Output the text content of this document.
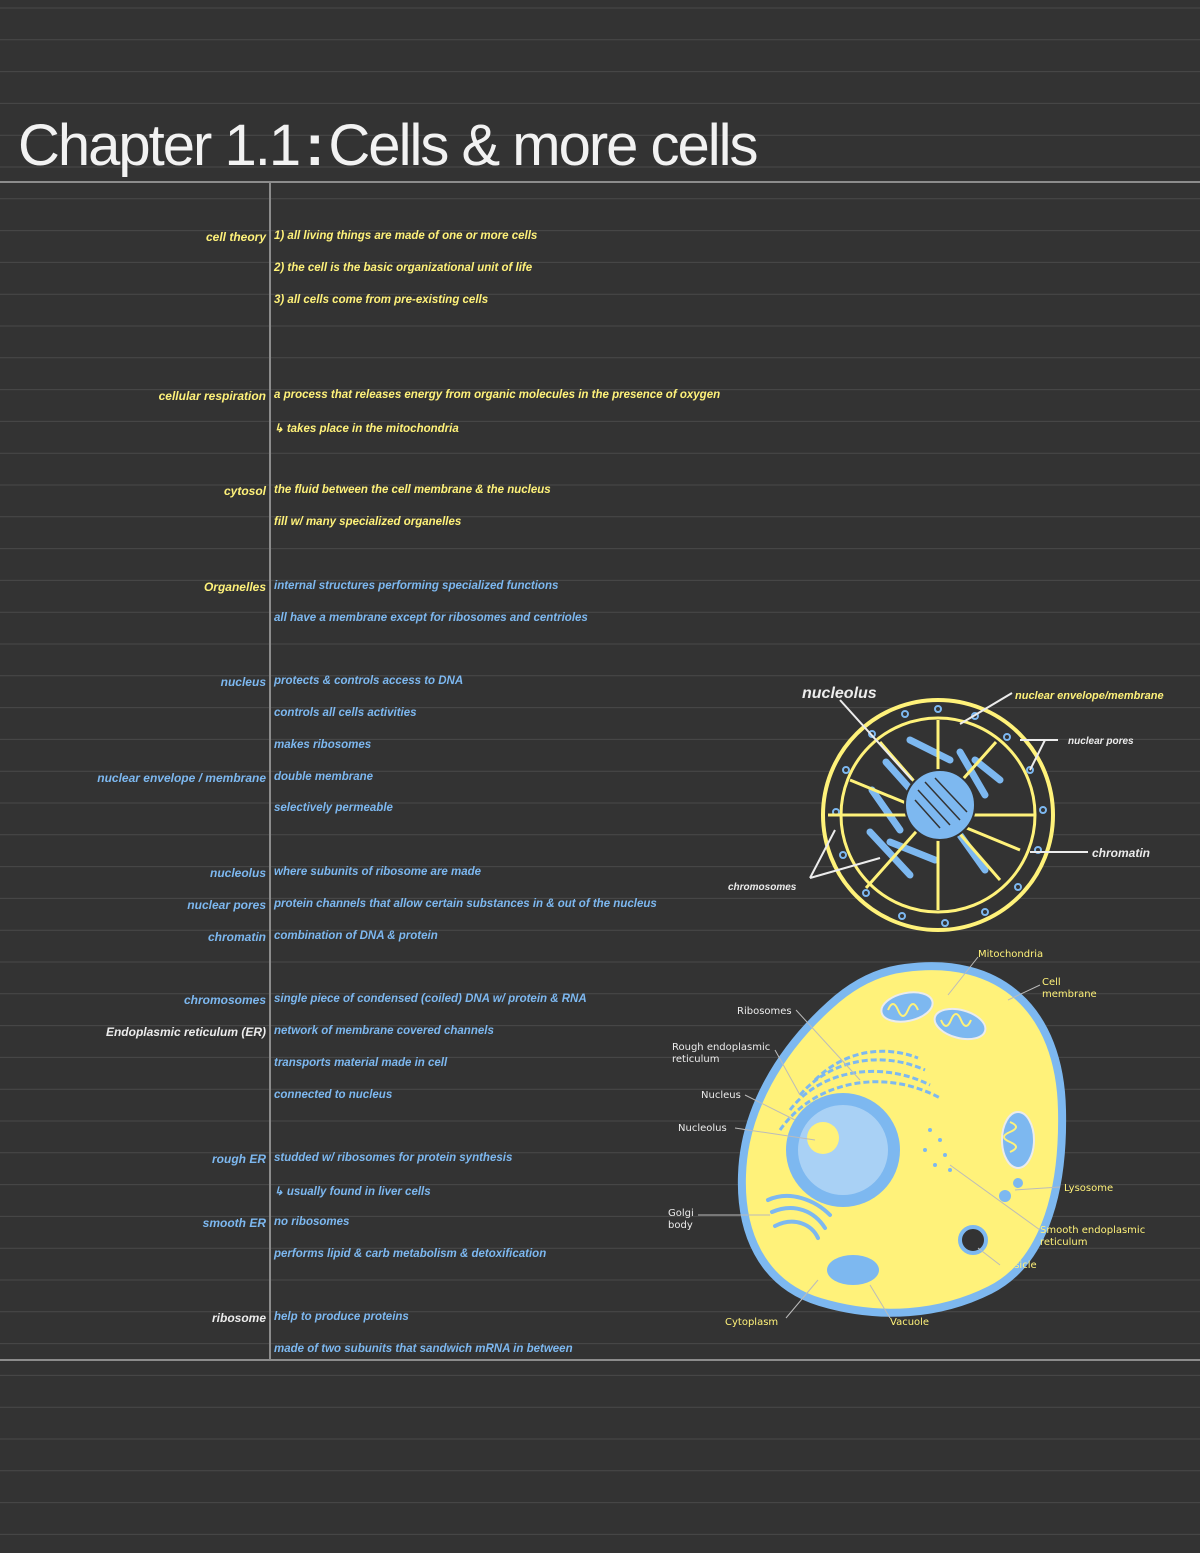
Chapter 1.1 : Cells & more cells
cell theory 1) all living things are made of one or more cells
2) the cell is the basic organizational unit of life
3) all cells come from pre-existing cells
cellular respiration a process that releases energy from organic molecules in the presence of oxygen
↳ takes place in the mitochondria
cytosol the fluid between the cell membrane & the nucleus
fill w/ many specialized organelles
Organelles internal structures performing specialized functions
all have a membrane except for ribosomes and centrioles
nucleus protects & controls access to DNA
controls all cells activities
makes ribosomes
nuclear envelope / membrane double membrane
selectively permeable
nucleolus where subunits of ribosome are made
nuclear pores protein channels that allow certain substances in & out of the nucleus
chromatin combination of DNA & protein
chromosomes single piece of condensed (coiled) DNA w/ protein & RNA
Endoplasmic reticulum (ER) network of membrane covered channels
transports material made in cell
connected to nucleus
rough ER studded w/ ribosomes for protein synthesis
↳ usually found in liver cells
smooth ER no ribosomes
performs lipid & carb metabolism & detoxification
ribosome help to produce proteins
made of two subunits that sandwich mRNA in between
nucleolus	nuclear envelope/membrane
nuclear pores
chromatin
chromosomes
Mitochondria
Cell membrane
Ribosomes
Rough endoplasmic reticulum
Nucleus
Nucleolus
Golgi body
Lysosome
Smooth endoplasmic reticulum
Vesicle
Cytoplasm	Vacuole
